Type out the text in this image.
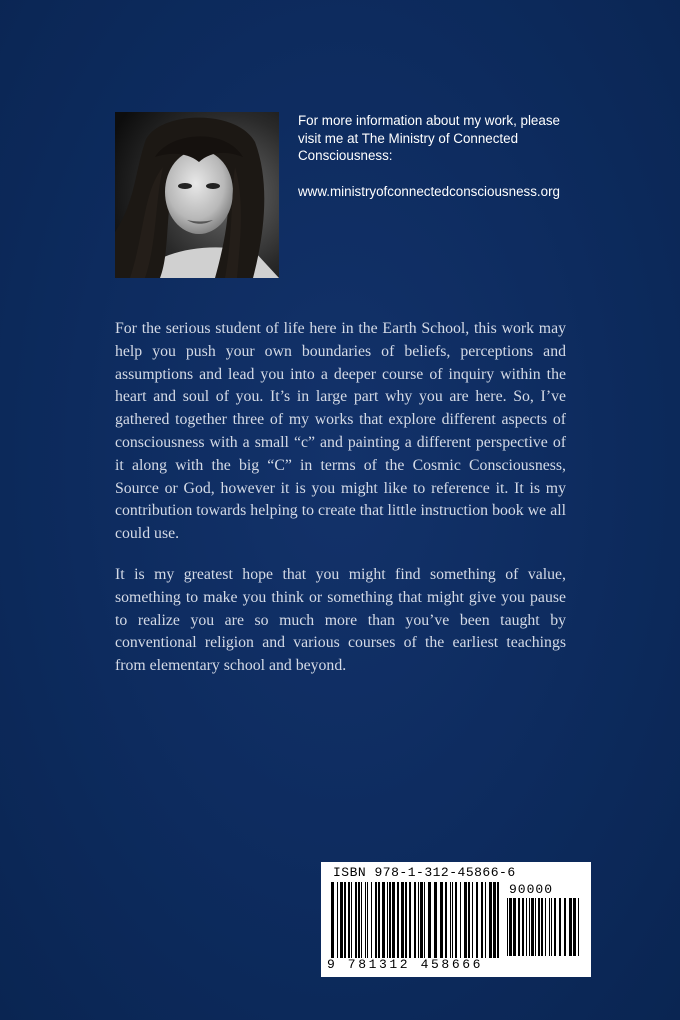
For more information about my work, please visit me at The Ministry of Connected Consciousness:
www.ministryofconnectedconsciousness.org

For the serious student of life here in the Earth School, this work may help you push your own boundaries of beliefs, perceptions and assumptions and lead you into a deeper course of inquiry within the heart and soul of you. It’s in large part why you are here. So, I’ve gathered together three of my works that explore different aspects of consciousness with a small “c” and painting a different perspective of it along with the big “C” in terms of the Cosmic Consciousness, Source or God, however it is you might like to reference it. It is my contribution towards helping to create that little instruction book we all could use.

It is my greatest hope that you might find something of value, something to make you think or something that might give you pause to realize you are so much more than you’ve been taught by conventional religion and various courses of the earliest teachings from elementary school and beyond.

ISBN 978-1-312-45866-6
90000
9 781312 458666
